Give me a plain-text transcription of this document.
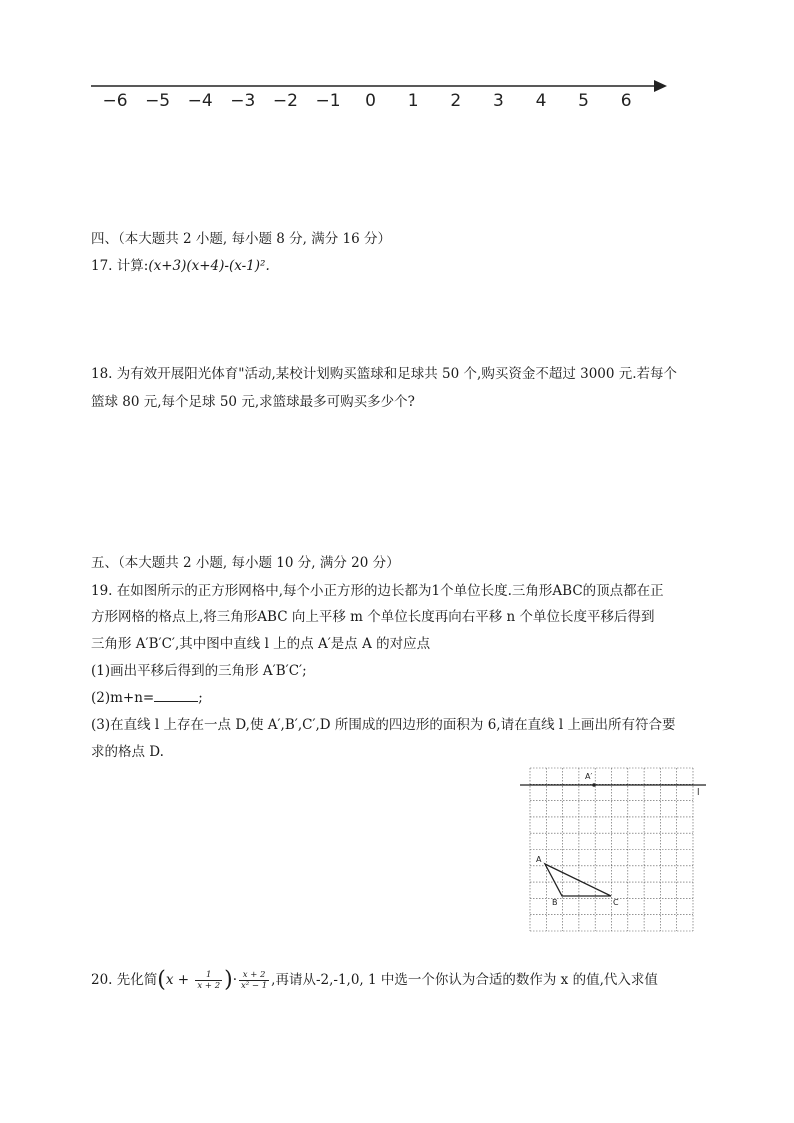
−6 −5 −4 −3 −2 −1 0 1 2 3 4 5 6
四、（本大题共 2 小题, 每小题 8 分, 满分 16 分）
17. 计算:(x+3)(x+4)-(x-1)².
18. 为有效开展阳光体育"活动,某校计划购买篮球和足球共 50 个,购买资金不超过 3000 元.若每个
篮球 80 元,每个足球 50 元,求篮球最多可购买多少个?
五、（本大题共 2 小题, 每小题 10 分, 满分 20 分）
19. 在如图所示的正方形网格中,每个小正方形的边长都为1个单位长度.三角形ABC的顶点都在正
方形网格的格点上,将三角形ABC 向上平移 m 个单位长度再向右平移 n 个单位长度平移后得到
三角形 A′B′C′,其中图中直线 l 上的点 A′是点 A 的对应点
(1)画出平移后得到的三角形 A′B′C′;
(2)m+n=	;
(3)在直线 l 上存在一点 D,使 A′,B′,C′,D 所围成的四边形的面积为 6,请在直线 l 上画出所有符合要
求的格点 D.
A′
l
A
B	C
20. 先化简($x + \frac{1}{x + 2}$ )· $\frac{x + 2}{\text{x² − 1}}$ ,再请从-2,-1,0, 1 中选一个你认为合适的数作为 x 的值,代入求值
